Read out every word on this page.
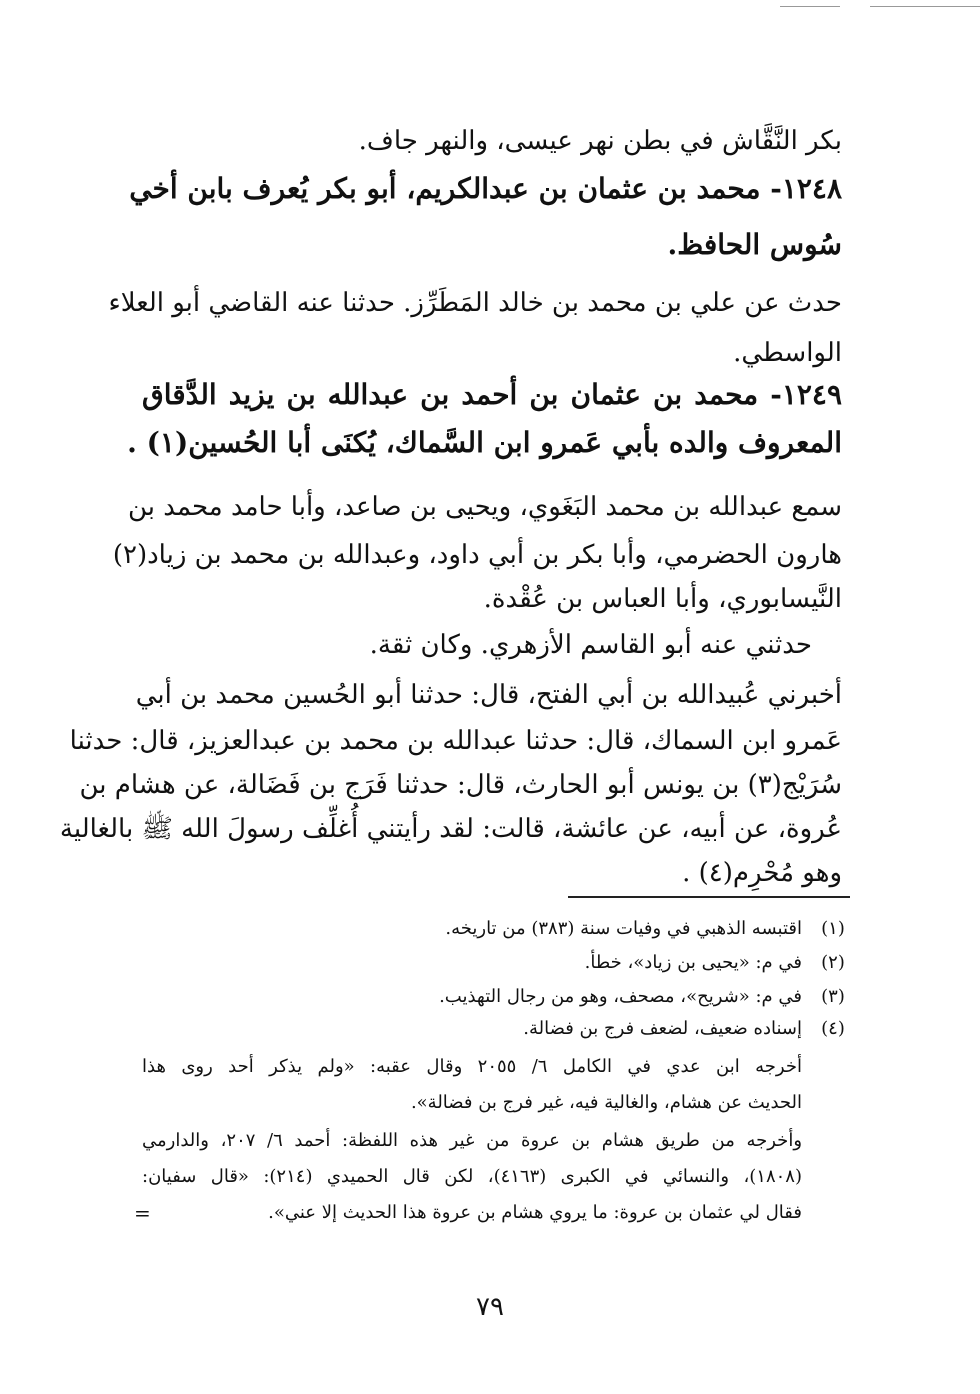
بكر النَّقَّاش في بطن نهر عيسى، والنهر جاف.
١٢٤٨- محمد بن عثمان بن عبدالكريم، أبو بكر يُعرف بابن أخي
سُوس الحافظ.
حدث عن علي بن محمد بن خالد المَطَرِّز. حدثنا عنه القاضي أبو العلاء
الواسطي.
١٢٤٩- محمد بن عثمان بن أحمد بن عبدالله بن يزيد الدَّقاق
المعروف والده بأبي عَمرو ابن السَّماك، يُكنَى أبا الحُسين(١) .
سمع عبدالله بن محمد البَغَوي، ويحيى بن صاعد، وأبا حامد محمد بن
هارون الحضرمي، وأبا بكر بن أبي داود، وعبدالله بن محمد بن زياد(٢)
النَّيسابوري، وأبا العباس بن عُقْدة.
حدثني عنه أبو القاسم الأزهري. وكان ثقة.
أخبرني عُبيدالله بن أبي الفتح، قال: حدثنا أبو الحُسين محمد بن أبي
عَمرو ابن السماك، قال: حدثنا عبدالله بن محمد بن عبدالعزيز، قال: حدثنا
سُرَيْج(٣) بن يونس أبو الحارث، قال: حدثنا فَرَج بن فَضَالة، عن هشام بن
عُروة، عن أبيه، عن عائشة، قالت: لقد رأيتني أُغلِّف رسولَ الله ﷺ بالغالية
وهو مُحْرِم(٤) .
(١)
اقتبسه الذهبي في وفيات سنة (٣٨٣) من تاريخه.
(٢)
في م: «يحيى بن زياد»، خطأ.
(٣)
في م: «شريح»، مصحف، وهو من رجال التهذيب.
(٤)
إسناده ضعيف، لضعف فرج بن فضالة.
أخرجه ابن عدي في الكامل ٦/ ٢٠٥٥ وقال عقبه: «ولم يذكر أحد روى هذا
الحديث عن هشام، والغالية فيه، غير فرج بن فضالة».
وأخرجه من طريق هشام بن عروة من غير هذه اللفظة: أحمد ٦/ ٢٠٧، والدارمي
(١٨٠٨)، والنسائي في الكبرى (٤١٦٣)، لكن قال الحميدي (٢١٤): «قال سفيان:
فقال لي عثمان بن عروة: ما يروي هشام بن عروة هذا الحديث إلا عني».
=
٧٩
